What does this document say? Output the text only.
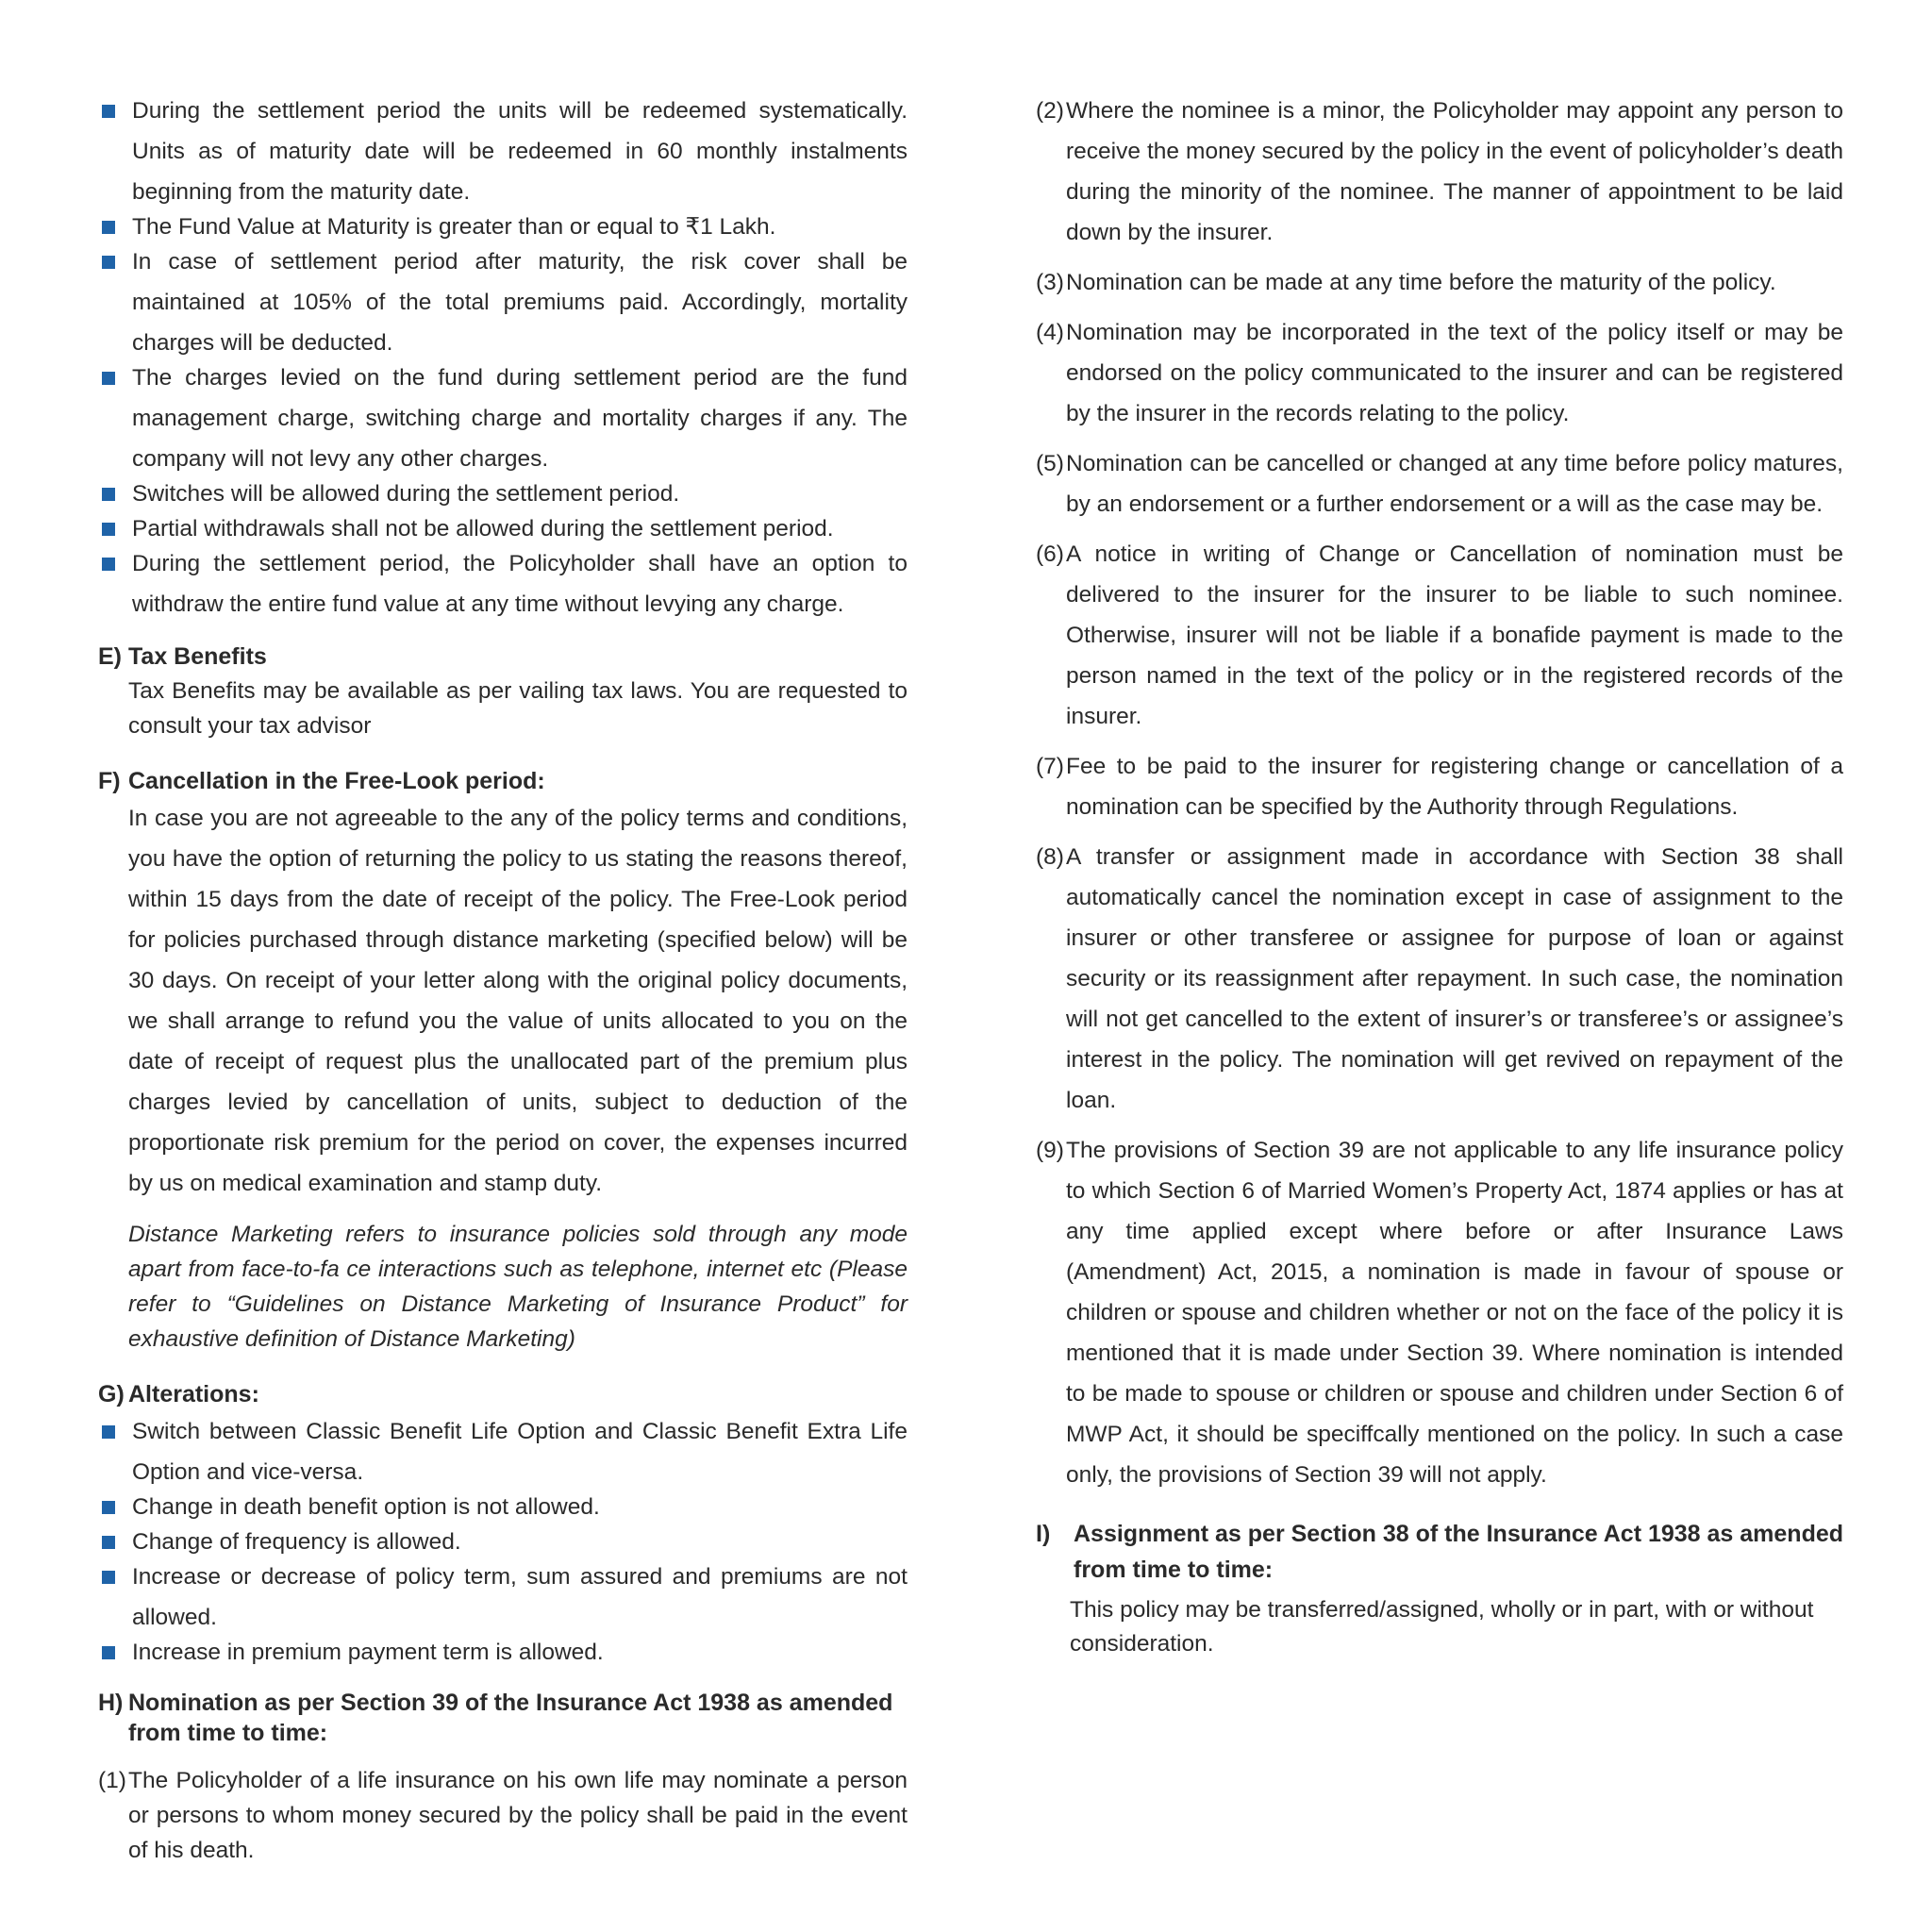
During the settlement period the units will be redeemed systematically. Units as of maturity date will be redeemed in 60 monthly instalments beginning from the maturity date.
The Fund Value at Maturity is greater than or equal to ₹1 Lakh.
In case of settlement period after maturity, the risk cover shall be maintained at 105% of the total premiums paid. Accordingly, mortality charges will be deducted.
The charges levied on the fund during settlement period are the fund management charge, switching charge and mortality charges if any. The company will not levy any other charges.
Switches will be allowed during the settlement period.
Partial withdrawals shall not be allowed during the settlement period.
During the settlement period, the Policyholder shall have an option to withdraw the entire fund value at any time without levying any charge.
E) Tax Benefits
Tax Benefits may be available as per vailing tax laws. You are requested to consult your tax advisor
F) Cancellation in the Free-Look period:
In case you are not agreeable to the any of the policy terms and conditions, you have the option of returning the policy to us stating the reasons thereof, within 15 days from the date of receipt of the policy. The Free-Look period for policies purchased through distance marketing (specified below) will be 30 days. On receipt of your letter along with the original policy documents, we shall arrange to refund you the value of units allocated to you on the date of receipt of request plus the unallocated part of the premium plus charges levied by cancellation of units, subject to deduction of the proportionate risk premium for the period on cover, the expenses incurred by us on medical examination and stamp duty.
Distance Marketing refers to insurance policies sold through any mode apart from face-to-fa ce interactions such as telephone, internet etc (Please refer to “Guidelines on Distance Marketing of Insurance Product” for exhaustive definition of Distance Marketing)
G) Alterations:
Switch between Classic Benefit Life Option and Classic Benefit Extra Life Option and vice-versa.
Change in death benefit option is not allowed.
Change of frequency is allowed.
Increase or decrease of policy term, sum assured and premiums are not allowed.
Increase in premium payment term is allowed.
H) Nomination as per Section 39 of the Insurance Act 1938 as amended from time to time:
(1) The Policyholder of a life insurance on his own life may nominate a person or persons to whom money secured by the policy shall be paid in the event of his death.
(2) Where the nominee is a minor, the Policyholder may appoint any person to receive the money secured by the policy in the event of policyholder’s death during the minority of the nominee. The manner of appointment to be laid down by the insurer.
(3) Nomination can be made at any time before the maturity of the policy.
(4) Nomination may be incorporated in the text of the policy itself or may be endorsed on the policy communicated to the insurer and can be registered by the insurer in the records relating to the policy.
(5) Nomination can be cancelled or changed at any time before policy matures, by an endorsement or a further endorsement or a will as the case may be.
(6) A notice in writing of Change or Cancellation of nomination must be delivered to the insurer for the insurer to be liable to such nominee. Otherwise, insurer will not be liable if a bonafide payment is made to the person named in the text of the policy or in the registered records of the insurer.
(7) Fee to be paid to the insurer for registering change or cancellation of a nomination can be specified by the Authority through Regulations.
(8) A transfer or assignment made in accordance with Section 38 shall automatically cancel the nomination except in case of assignment to the insurer or other transferee or assignee for purpose of loan or against security or its reassignment after repayment. In such case, the nomination will not get cancelled to the extent of insurer’s or transferee’s or assignee’s interest in the policy. The nomination will get revived on repayment of the loan.
(9) The provisions of Section 39 are not applicable to any life insurance policy to which Section 6 of Married Women’s Property Act, 1874 applies or has at any time applied except where before or after Insurance Laws (Amendment) Act, 2015, a nomination is made in favour of spouse or children or spouse and children whether or not on the face of the policy it is mentioned that it is made under Section 39. Where nomination is intended to be made to spouse or children or spouse and children under Section 6 of MWP Act, it should be speciffcally mentioned on the policy. In such a case only, the provisions of Section 39 will not apply.
I) Assignment as per Section 38 of the Insurance Act 1938 as amended from time to time:
This policy may be transferred/assigned, wholly or in part, with or without consideration.
